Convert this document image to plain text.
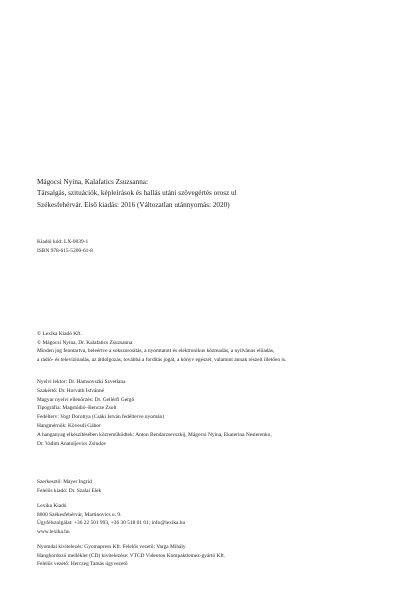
Mágocsi Nyina, Kalafatics Zsuzsanna:
Társalgás, szituációk, képleírások és hallás utáni szövegértés orosz ul
Székesfehérvár. Első kiadás: 2016 (Változatlan utánnyomás: 2020)
Kiadói kód: LX-0039-1
ISBN 978-615-5200-61-8
© Lexika Kiadó Kft.
© Mágocsi Nyina, Dr. Kalafatics Zsuzsanna
Minden jog fenntartva, beleértve a sokszorosítás, a nyomtatott és elektronikus közreadás, a nyilvános előadás,
a rádió- és televízióadás, az átdolgozás, továbbá a fordítás jogát, a könyv egészét, valamint annak részeit illetően is.
Nyelvi lektor: Dr. Hamsovszki Szvetlana
Szakértő: Dr. Horváth Istvánné
Magyar nyelvi ellenőrzés: Dr. Gellérfi Gergő
Tipográfia: Magstúdió–Bencze Zsolt
Fedélterv: Vogt Dorottya (Csáki István fedélterve nyomán)
Hangmérnök: Kövesdi Gábor
A hanganyag elkészítésében közreműködtek: Anton Bendarzsevszkij, Mágocsi Nyina, Ekaterina Nesterenko,
Dr. Vadim Anatoljevics Zsludov
Szerkesztő: Mayer Ingrid
Felelős kiadó: Dr. Szalai Elek
Lexika Kiadó
8000 Székesfehérvár, Martinovics u. 9.
Ügyfélszolgálat: +36 22 501 993, +36 30 518 01 01; info@lexika.hu
www.lexika.hu
Nyomdai kivitelezés: Gyomapress Kft. Felelős vezető: Varga Mihály
Hanghordozó melléklet (CD) kivitelezése: VTCD Videoton Kompaktlemez-gyártó Kft.
Felelős vezető: Herczeg Tamás ügyvezető
